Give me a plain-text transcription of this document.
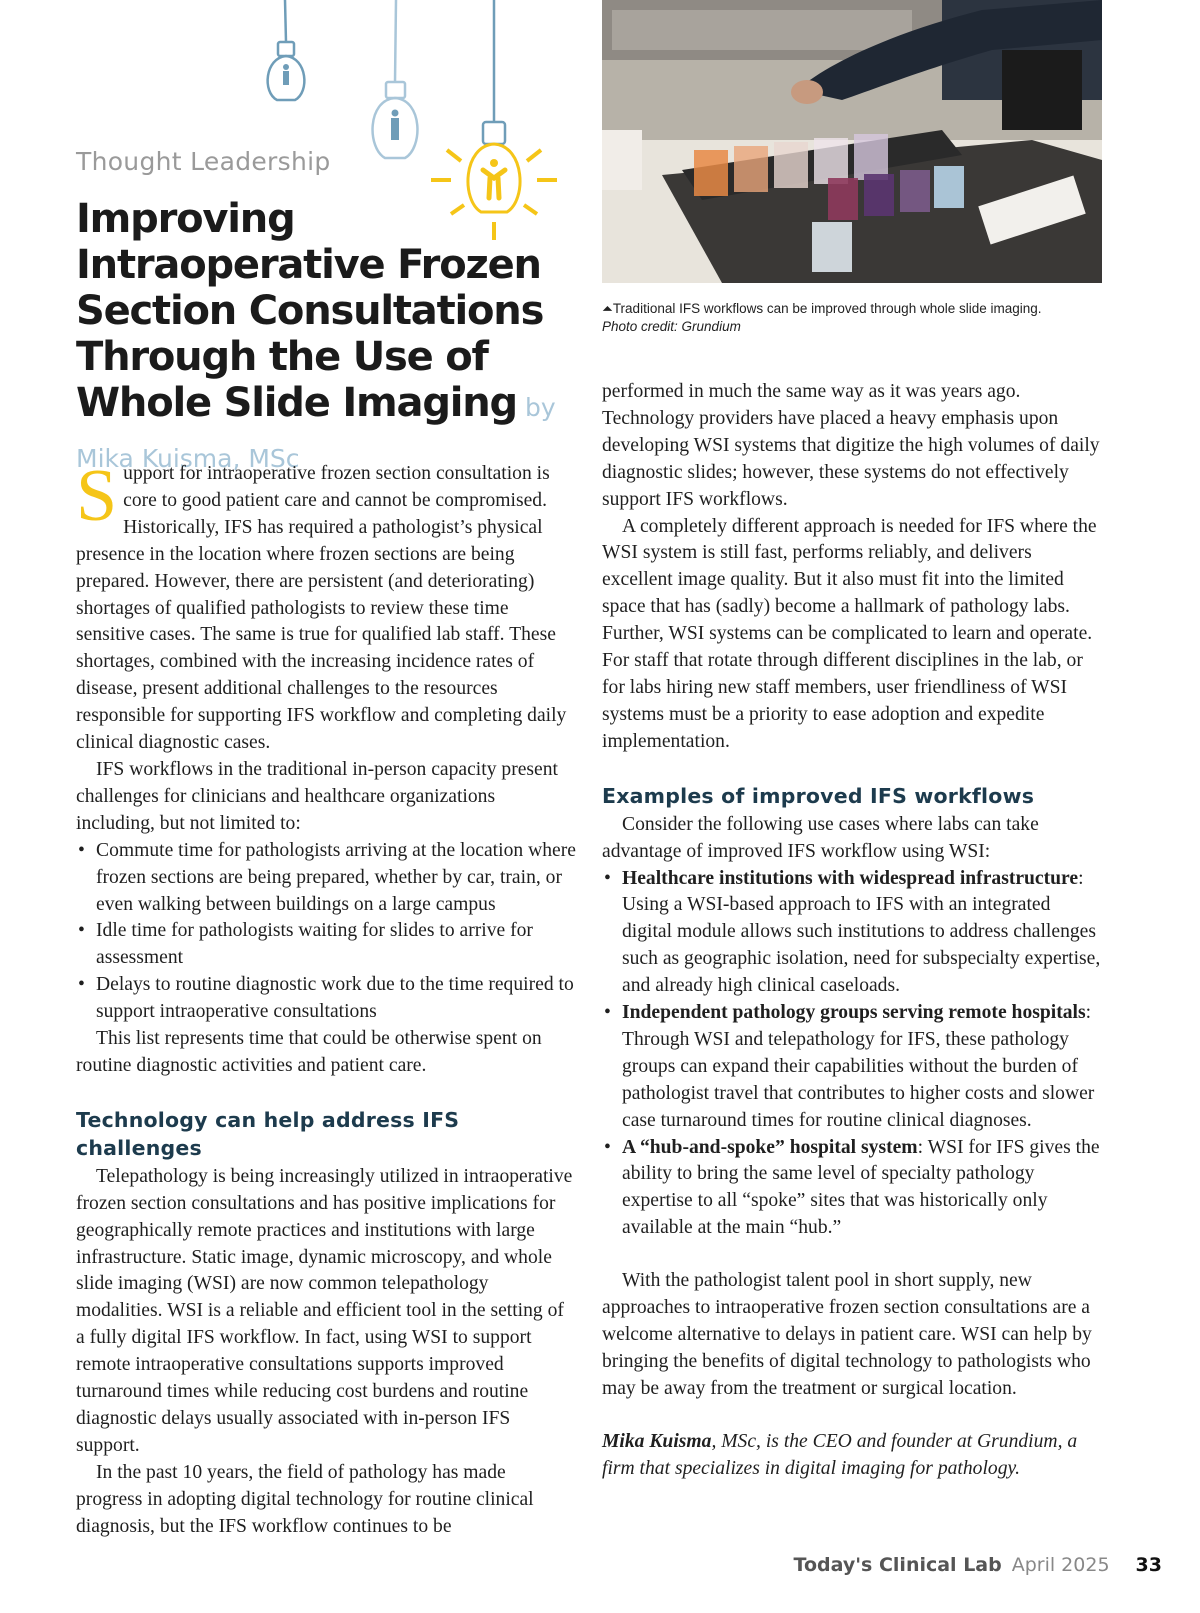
Thought Leadership
Improving Intraoperative Frozen Section Consultations Through the Use of Whole Slide Imaging by Mika Kuisma, MSc
⏶Traditional IFS workflows can be improved through whole slide imaging.
Photo credit: Grundium

Support for intraoperative frozen section consultation is core to good patient care and cannot be compromised. Historically, IFS has required a pathologist’s physical presence in the location where frozen sections are being prepared. However, there are persistent (and deteriorating) shortages of qualified pathologists to review these time sensitive cases. The same is true for qualified lab staff. These shortages, combined with the increasing incidence rates of disease, present additional challenges to the resources responsible for supporting IFS workflow and completing daily clinical diagnostic cases.

IFS workflows in the traditional in-person capacity present challenges for clinicians and healthcare organizations including, but not limited to:

• Commute time for pathologists arriving at the location where frozen sections are being prepared, whether by car, train, or even walking between buildings on a large campus
• Idle time for pathologists waiting for slides to arrive for assessment
• Delays to routine diagnostic work due to the time required to support intraoperative consultations

This list represents time that could be otherwise spent on routine diagnostic activities and patient care.

Technology can help address IFS challenges

Telepathology is being increasingly utilized in intraoperative frozen section consultations and has positive implications for geographically remote practices and institutions with large infrastructure. Static image, dynamic microscopy, and whole slide imaging (WSI) are now common telepathology modalities. WSI is a reliable and efficient tool in the setting of a fully digital IFS workflow. In fact, using WSI to support remote intraoperative consultations supports improved turnaround times while reducing cost burdens and routine diagnostic delays usually associated with in-person IFS support.

In the past 10 years, the field of pathology has made progress in adopting digital technology for routine clinical diagnosis, but the IFS workflow continues to be

performed in much the same way as it was years ago. Technology providers have placed a heavy emphasis upon developing WSI systems that digitize the high volumes of daily diagnostic slides; however, these systems do not effectively support IFS workflows.

A completely different approach is needed for IFS where the WSI system is still fast, performs reliably, and delivers excellent image quality. But it also must fit into the limited space that has (sadly) become a hallmark of pathology labs. Further, WSI systems can be complicated to learn and operate. For staff that rotate through different disciplines in the lab, or for labs hiring new staff members, user friendliness of WSI systems must be a priority to ease adoption and expedite implementation.

Examples of improved IFS workflows

Consider the following use cases where labs can take advantage of improved IFS workflow using WSI:

• Healthcare institutions with widespread infrastructure: Using a WSI-based approach to IFS with an integrated digital module allows such institutions to address challenges such as geographic isolation, need for subspecialty expertise, and already high clinical caseloads.
• Independent pathology groups serving remote hospitals: Through WSI and telepathology for IFS, these pathology groups can expand their capabilities without the burden of pathologist travel that contributes to higher costs and slower case turnaround times for routine clinical diagnoses.
• A “hub-and-spoke” hospital system: WSI for IFS gives the ability to bring the same level of specialty pathology expertise to all “spoke” sites that was historically only available at the main “hub.”

With the pathologist talent pool in short supply, new approaches to intraoperative frozen section consultations are a welcome alternative to delays in patient care. WSI can help by bringing the benefits of digital technology to pathologists who may be away from the treatment or surgical location.

Mika Kuisma, MSc, is the CEO and founder at Grundium, a firm that specializes in digital imaging for pathology.

Today's Clinical Lab April 2025 33
